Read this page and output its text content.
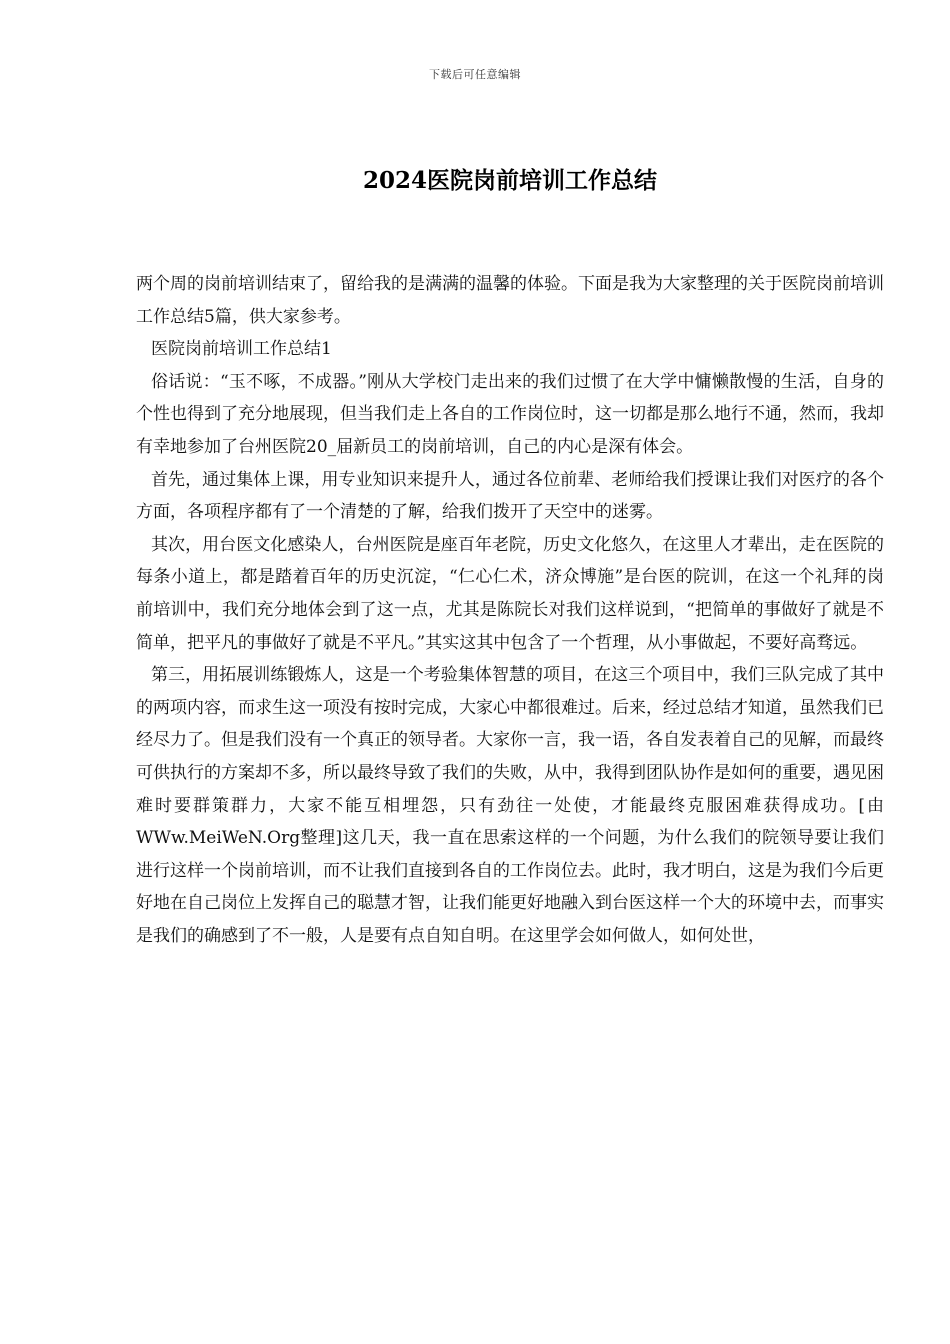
下载后可任意编辑
2024医院岗前培训工作总结

两个周的岗前培训结束了，留给我的是满满的温馨的体验。下面是我为大家整理的关于医院岗前培训工作总结5篇，供大家参考。

医院岗前培训工作总结1

俗话说：“玉不啄，不成器。”刚从大学校门走出来的我们过惯了在大学中慵懒散慢的生活，自身的个性也得到了充分地展现，但当我们走上各自的工作岗位时，这一切都是那么地行不通，然而，我却有幸地参加了台州医院20_届新员工的岗前培训，自己的内心是深有体会。

首先，通过集体上课，用专业知识来提升人，通过各位前辈、老师给我们授课让我们对医疗的各个方面，各项程序都有了一个清楚的了解，给我们拨开了天空中的迷雾。

其次，用台医文化感染人，台州医院是座百年老院，历史文化悠久，在这里人才辈出，走在医院的每条小道上，都是踏着百年的历史沉淀，“仁心仁术，济众博施”是台医的院训，在这一个礼拜的岗前培训中，我们充分地体会到了这一点，尤其是陈院长对我们这样说到，“把简单的事做好了就是不简单，把平凡的事做好了就是不平凡。”其实这其中包含了一个哲理，从小事做起，不要好高骛远。

第三，用拓展训练锻炼人，这是一个考验集体智慧的项目，在这三个项目中，我们三队完成了其中的两项内容，而求生这一项没有按时完成，大家心中都很难过。后来，经过总结才知道，虽然我们已经尽力了。但是我们没有一个真正的领导者。大家你一言，我一语，各自发表着自己的见解，而最终可供执行的方案却不多，所以最终导致了我们的失败，从中，我得到团队协作是如何的重要，遇见困难时要群策群力，大家不能互相埋怨，只有劲往一处使，才能最终克服困难获得成功。[由WWw.MeiWeN.Org整理]这几天，我一直在思索这样的一个问题，为什么我们的院领导要让我们进行这样一个岗前培训，而不让我们直接到各自的工作岗位去。此时，我才明白，这是为我们今后更好地在自己岗位上发挥自己的聪慧才智，让我们能更好地融入到台医这样一个大的环境中去，而事实是我们的确感到了不一般，人是要有点自知自明。在这里学会如何做人，如何处世，
